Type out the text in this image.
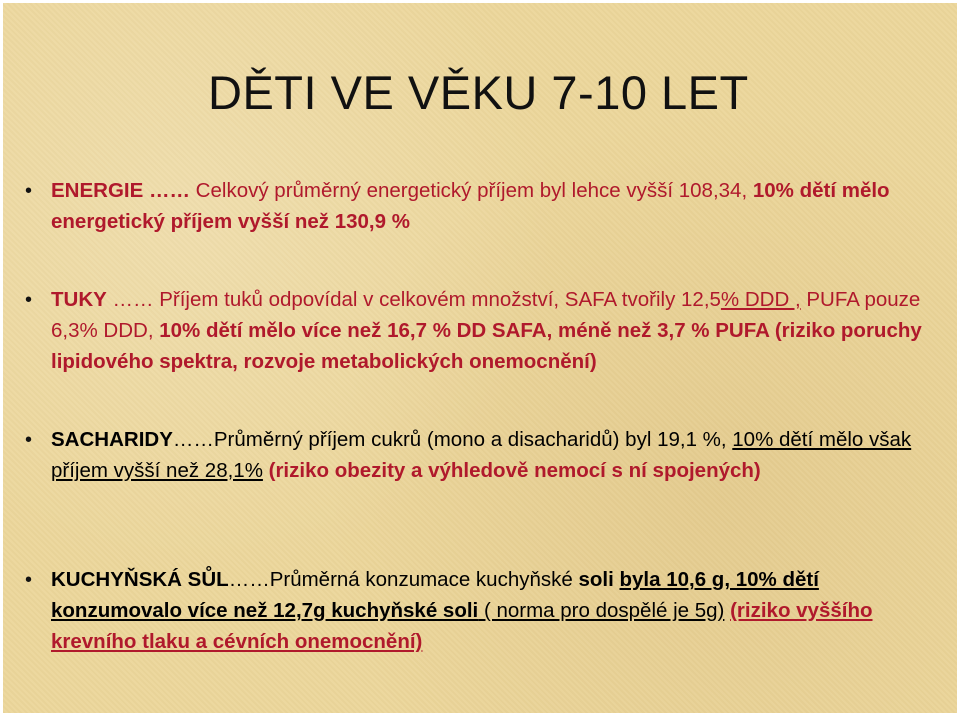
DĚTI VE VĚKU 7-10 LET
• ENERGIE …… Celkový průměrný energetický příjem byl lehce vyšší 108,34, 10% dětí mělo energetický příjem vyšší než 130,9 %

• TUKY …… Příjem tuků odpovídal v celkovém množství, SAFA tvořily 12,5% DDD , PUFA pouze 6,3% DDD, 10% dětí mělo více než 16,7 % DD SAFA, méně než 3,7 % PUFA (riziko poruchy lipidového spektra, rozvoje metabolických onemocnění)

• SACHARIDY……Průměrný příjem cukrů (mono a disacharidů) byl 19,1 %, 10% dětí mělo však příjem vyšší než 28,1% (riziko obezity a výhledově nemocí s ní spojených)

• KUCHYŇSKÁ SŮL……Průměrná konzumace kuchyňské soli byla 10,6 g, 10% dětí konzumovalo více než 12,7g kuchyňské soli ( norma pro dospělé je 5g) (riziko vyššího krevního tlaku a cévních onemocnění)
